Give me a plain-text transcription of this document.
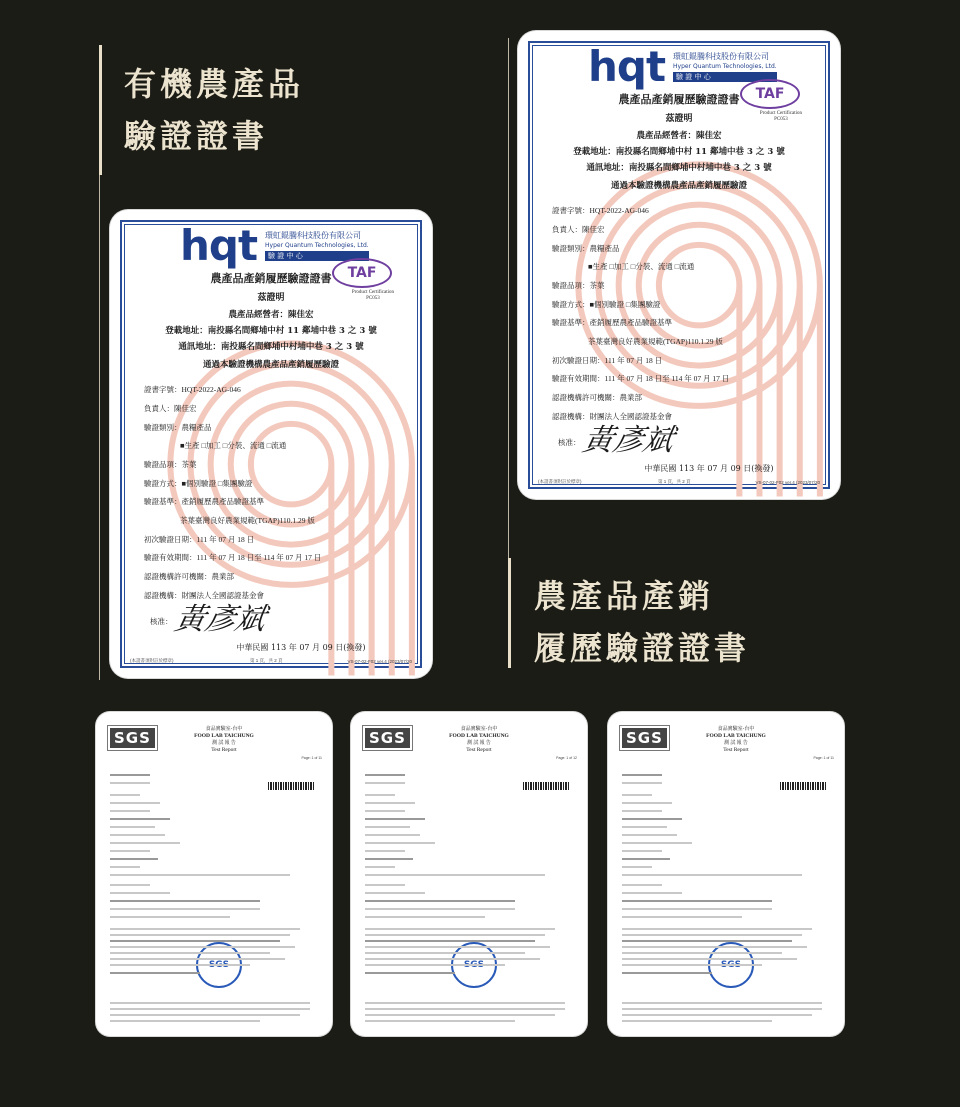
有機農產品
驗證證書
農產品產銷
履歷驗證證書
hqt 環虹錕騰科技股份有限公司
Hyper Quantum Technologies, Ltd.
驗 證 中 心
TAF
Product Certification
PC053
農產品產銷履歷驗證證書
茲證明
農產品經營者：陳佳宏
登載地址：南投縣名間鄉埔中村 11 鄰埔中巷 3 之 3 號
通訊地址：南投縣名間鄉埔中村埔中巷 3 之 3 號
通過本驗證機構農產品產銷履歷驗證
證書字號：HQT-2022-AG-046
負責人：陳佳宏
驗證類別：農糧產品
■生產 □加工 □分裝、流通 □流通
驗證品項：茶葉
驗證方式：■個別驗證 □集團驗證
驗證基準：產銷履歷農產品驗證基準
茶葉臺灣良好農業規範(TGAP)110.1.29 版
初次驗證日期：111 年 07 月 18 日
驗證有效期間：111 年 07 月 18 日至 114 年 07 月 17 日
認證機構許可機關：農業部
認證機構：財團法人全國認證基金會
核准： 黃彥斌
中華民國 113 年 07 月 09 日(換發)
(本證書須附註於標章)	第 1 頁，共 2 頁	VS-07-02-F02 ver.4 (2023/07/20
hqt 環虹錕騰科技股份有限公司
Hyper Quantum Technologies, Ltd.
驗 證 中 心
TAF
Product Certification
PC053
農產品產銷履歷驗證證書
茲證明
農產品經營者：陳佳宏
登載地址：南投縣名間鄉埔中村 11 鄰埔中巷 3 之 3 號
通訊地址：南投縣名間鄉埔中村埔中巷 3 之 3 號
通過本驗證機構農產品產銷履歷驗證
證書字號：HQT-2022-AG-046
負責人：陳佳宏
驗證類別：農糧產品
■生產 □加工 □分裝、流通 □流通
驗證品項：茶葉
驗證方式：■個別驗證 □集團驗證
驗證基準：產銷履歷農產品驗證基準
茶葉臺灣良好農業規範(TGAP)110.1.29 版
初次驗證日期：111 年 07 月 18 日
驗證有效期間：111 年 07 月 18 日至 114 年 07 月 17 日
認證機構許可機關：農業部
認證機構：財團法人全國認證基金會
核准： 黃彥斌
中華民國 113 年 07 月 09 日(換發)
(本證書須附註於標章)	第 1 頁，共 2 頁	VS-07-02-F02 ver.4 (2023/07/20
SGS	食品實驗室-台中
FOOD LAB TAICHUNG
測 試 報 告
Test Report
Page: 1 of 11
SGS	食品實驗室-台中
FOOD LAB TAICHUNG
測 試 報 告
Test Report
Page: 1 of 12
SGS	食品實驗室-台中
FOOD LAB TAICHUNG
測 試 報 告
Test Report
Page: 1 of 11
